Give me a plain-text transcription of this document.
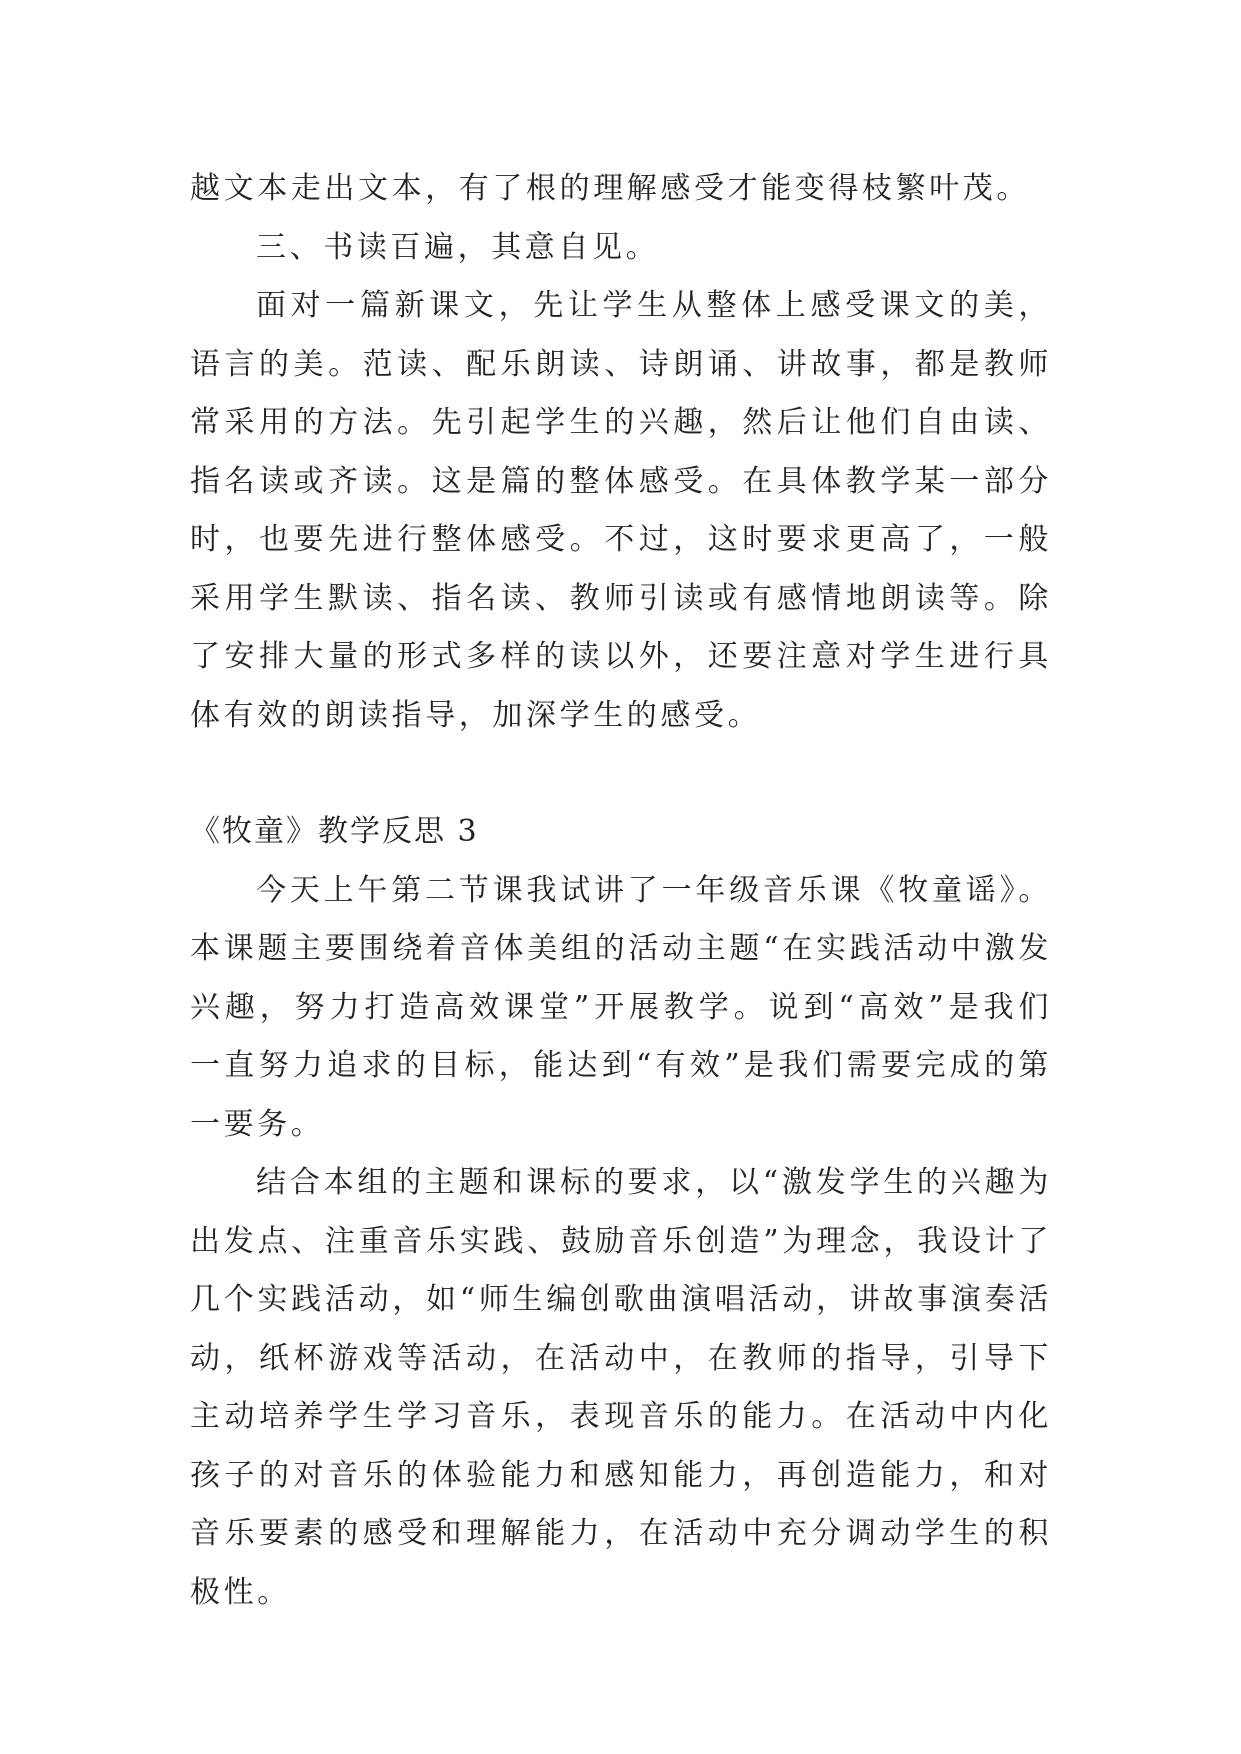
越文本走出文本，有了根的理解感受才能变得枝繁叶茂。

三、书读百遍，其意自见。

面对一篇新课文，先让学生从整体上感受课文的美，语言的美。范读、配乐朗读、诗朗诵、讲故事，都是教师常采用的方法。先引起学生的兴趣，然后让他们自由读、指名读或齐读。这是篇的整体感受。在具体教学某一部分时，也要先进行整体感受。不过，这时要求更高了，一般采用学生默读、指名读、教师引读或有感情地朗读等。除了安排大量的形式多样的读以外，还要注意对学生进行具体有效的朗读指导，加深学生的感受。

《牧童》教学反思 3

今天上午第二节课我试讲了一年级音乐课《牧童谣》。本课题主要围绕着音体美组的活动主题“在实践活动中激发兴趣，努力打造高效课堂”开展教学。说到“高效”是我们一直努力追求的目标，能达到“有效”是我们需要完成的第一要务。

结合本组的主题和课标的要求，以“激发学生的兴趣为出发点、注重音乐实践、鼓励音乐创造”为理念，我设计了几个实践活动，如“师生编创歌曲演唱活动，讲故事演奏活动，纸杯游戏等活动，在活动中，在教师的指导，引导下主动培养学生学习音乐，表现音乐的能力。在活动中内化孩子的对音乐的体验能力和感知能力，再创造能力，和对音乐要素的感受和理解能力，在活动中充分调动学生的积极性。
